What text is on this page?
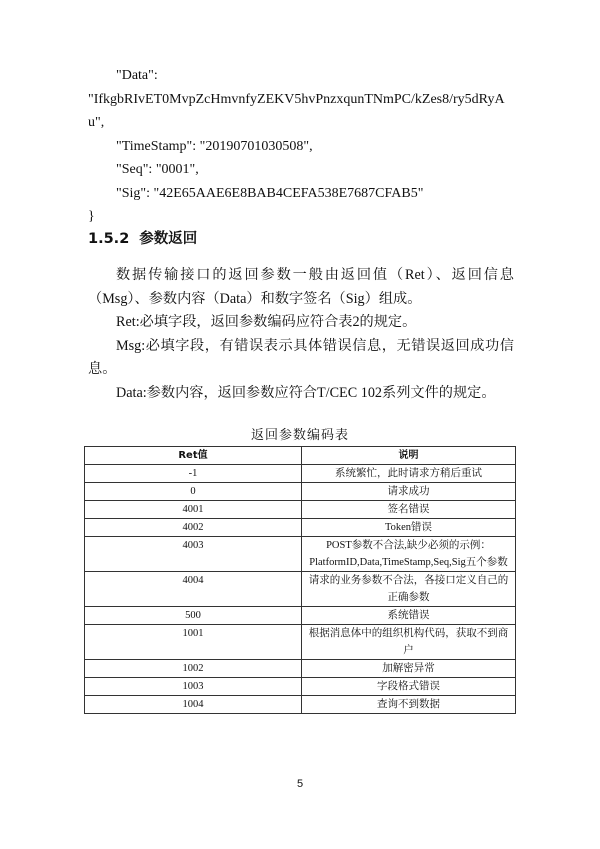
"Data":
"IfkgbRIvET0MvpZcHmvnfyZEKV5hvPnzxqunTNmPC/kZes8/ry5dRyAu",
"TimeStamp": "20190701030508",
"Seq": "0001",
"Sig": "42E65AAE6E8BAB4CEFA538E7687CFAB5"
}
1.5.2 参数返回

数据传输接口的返回参数一般由返回值（Ret）、返回信息（Msg）、参数内容（Data）和数字签名（Sig）组成。

Ret:必填字段，返回参数编码应符合表2的规定。

Msg:必填字段，有错误表示具体错误信息，无错误返回成功信息。

Data:参数内容，返回参数应符合T/CEC 102系列文件的规定。

返回参数编码表
Ret值	说明
-1	系统繁忙，此时请求方稍后重试
0	请求成功
4001	签名错误
4002	Token错误
4003	POST参数不合法,缺少必须的示例：PlatformID,Data,TimeStamp,Seq,Sig五个参数
4004	请求的业务参数不合法，各接口定义自己的正确参数
500	系统错误
1001	根据消息体中的组织机构代码，获取不到商户
1002	加解密异常
1003	字段格式错误
1004	查询不到数据
5
